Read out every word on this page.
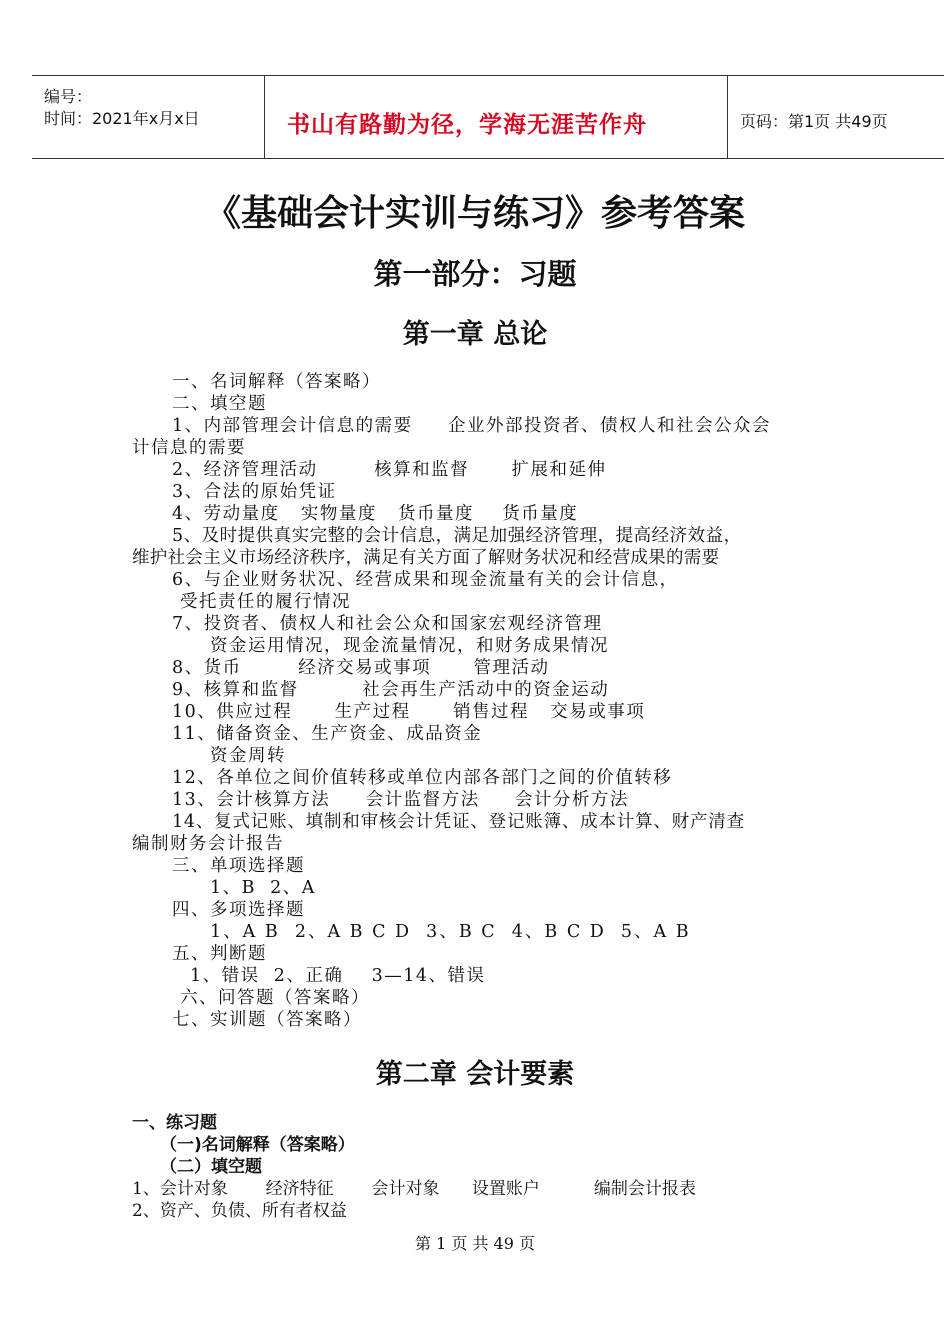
编号：
时间：2021年x月x日	书山有路勤为径，学海无涯苦作舟	页码：第1页 共49页
《基础会计实训与练习》参考答案
第一部分：习题
第一章 总论
一、名词解释（答案略）
二、填空题
1、内部管理会计信息的需要     企业外部投资者、债权人和社会公众会
计信息的需要
2、经济管理活动        核算和监督      扩展和延伸
3、合法的原始凭证
4、劳动量度   实物量度   货币量度    货币量度
5、及时提供真实完整的会计信息，满足加强经济管理，提高经济效益，
维护社会主义市场经济秩序，满足有关方面了解财务状况和经营成果的需要
6、与企业财务状况、经营成果和现金流量有关的会计信息，
受托责任的履行情况
7、投资者、债权人和社会公众和国家宏观经济管理
资金运用情况，现金流量情况，和财务成果情况
8、货币        经济交易或事项      管理活动
9、核算和监督         社会再生产活动中的资金运动
10、供应过程      生产过程      销售过程   交易或事项
11、储备资金、生产资金、成品资金
资金周转
12、各单位之间价值转移或单位内部各部门之间的价值转移
13、会计核算方法     会计监督方法     会计分析方法
14、复式记账、填制和审核会计凭证、登记账簿、成本计算、财产清查
编制财务会计报告
三、单项选择题
1、B  2、A
四、多项选择题
1、A B  2、A B C D  3、B C  4、B C D  5、A B
五、判断题
1、错误  2、正确    3—14、错误
六、问答题（答案略）
七、实训题（答案略）
第二章 会计要素
一、练习题
（一)名词解释（答案略）
（二）填空题
1、会计对象       经济特征       会计对象      设置账户          编制会计报表
2、资产、负债、所有者权益
第 1 页 共 49 页
